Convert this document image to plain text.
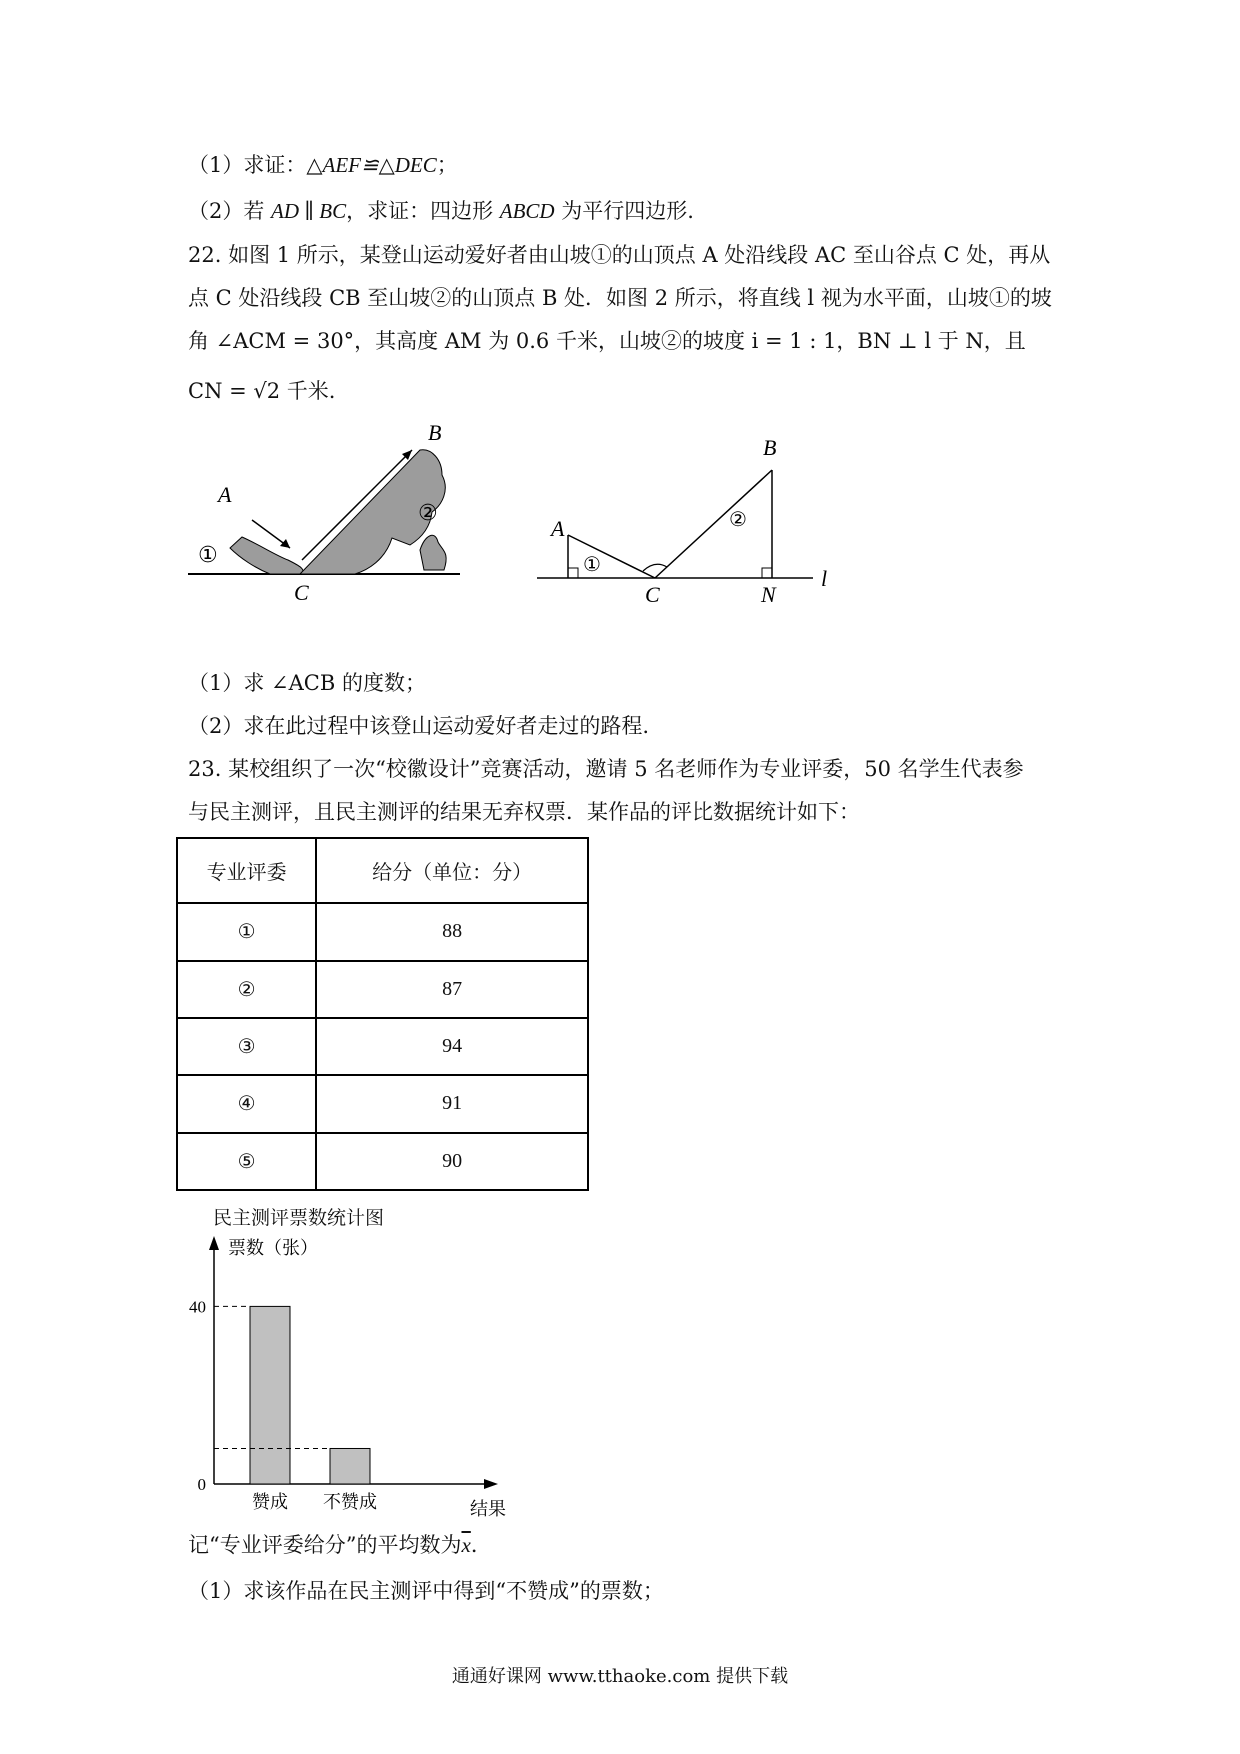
（1）求证：△AEF≌△DEC；
（2）若 AD ∥ BC，求证：四边形 ABCD 为平行四边形.
22. 如图 1 所示，某登山运动爱好者由山坡①的山顶点 A 处沿线段 AC 至山谷点 C 处，再从
点 C 处沿线段 CB 至山坡②的山顶点 B 处．如图 2 所示，将直线 l 视为水平面，山坡①的坡
角 ∠ACM = 30°，其高度 AM 为 0.6 千米，山坡②的坡度 i = 1 : 1，BN ⊥ l 于 N，且
CN = √2 千米.
A
B
C
①
②
A
B
C	N
l
①
②
（1）求 ∠ACB 的度数；
（2）求在此过程中该登山运动爱好者走过的路程.
23. 某校组织了一次“校徽设计”竞赛活动，邀请 5 名老师作为专业评委，50 名学生代表参
与民主测评，且民主测评的结果无弃权票．某作品的评比数据统计如下：
专业评委	给分（单位：分）
①	88
②	87
③	94
④	91
⑤	90
民主测评票数统计图
票数（张）
结果
赞成 不赞成
0
40
记“专业评委给分”的平均数为$\overline{x}$．
（1）求该作品在民主测评中得到“不赞成”的票数；
通通好课网 www.tthaoke.com 提供下载
